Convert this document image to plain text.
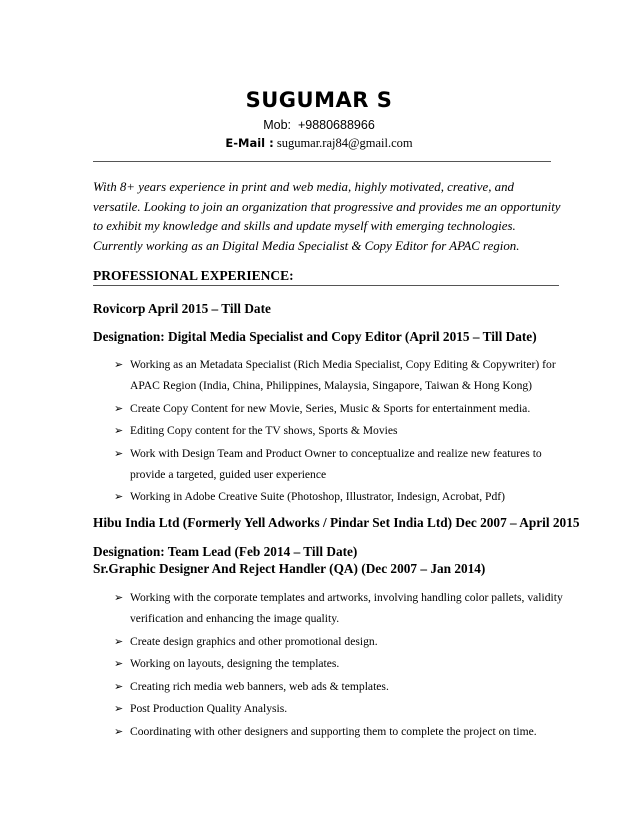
SUGUMAR S
Mob: +9880688966
E-Mail : sugumar.raj84@gmail.com

With 8+ years experience in print and web media, highly motivated, creative, and versatile. Looking to join an organization that progressive and provides me an opportunity to exhibit my knowledge and skills and update myself with emerging technologies. Currently working as an Digital Media Specialist & Copy Editor for APAC region.

PROFESSIONAL EXPERIENCE:
Rovicorp April 2015 – Till Date
Designation: Digital Media Specialist and Copy Editor (April 2015 – Till Date)
➢ Working as an Metadata Specialist (Rich Media Specialist, Copy Editing & Copywriter) for APAC Region (India, China, Philippines, Malaysia, Singapore, Taiwan & Hong Kong)
➢ Create Copy Content for new Movie, Series, Music & Sports for entertainment media.
➢ Editing Copy content for the TV shows, Sports & Movies
➢ Work with Design Team and Product Owner to conceptualize and realize new features to provide a targeted, guided user experience
➢ Working in Adobe Creative Suite (Photoshop, Illustrator, Indesign, Acrobat, Pdf)
Hibu India Ltd (Formerly Yell Adworks / Pindar Set India Ltd) Dec 2007 – April 2015
Designation: Team Lead (Feb 2014 – Till Date)
Sr.Graphic Designer And Reject Handler (QA) (Dec 2007 – Jan 2014)
➢ Working with the corporate templates and artworks, involving handling color pallets, validity verification and enhancing the image quality.
➢ Create design graphics and other promotional design.
➢ Working on layouts, designing the templates.
➢ Creating rich media web banners, web ads & templates.
➢ Post Production Quality Analysis.
➢ Coordinating with other designers and supporting them to complete the project on time.
